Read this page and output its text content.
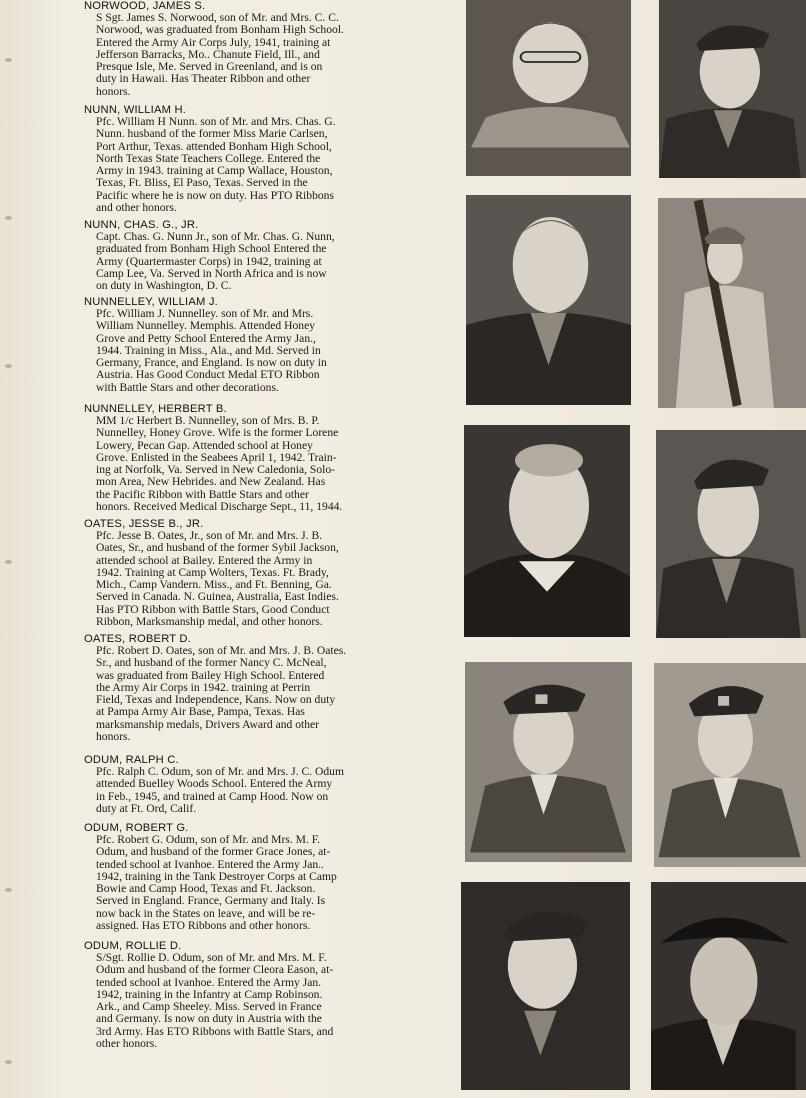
NORWOOD, JAMES S.
S Sgt. James S. Norwood, son of Mr. and Mrs. C. C.
Norwood, was graduated from Bonham High School.
Entered the Army Air Corps July, 1941, training at
Jefferson Barracks, Mo.. Chanute Field, Ill., and
Presque Isle, Me. Served in Greenland, and is on
duty in Hawaii. Has Theater Ribbon and other
honors.
NUNN, WILLIAM H.
Pfc. William H Nunn. son of Mr. and Mrs. Chas. G.
Nunn. husband of the former Miss Marie Carlsen,
Port Arthur, Texas. attended Bonham High School,
North Texas State Teachers College. Entered the
Army in 1943. training at Camp Wallace, Houston,
Texas, Ft. Bliss, El Paso, Texas. Served in the
Pacific where he is now on duty. Has PTO Ribbons
and other honors.
NUNN, CHAS. G., JR.
Capt. Chas. G. Nunn Jr., son of Mr. Chas. G. Nunn,
graduated from Bonham High School Entered the
Army (Quartermaster Corps) in 1942, training at
Camp Lee, Va. Served in North Africa and is now
on duty in Washington, D. C.
NUNNELLEY, WILLIAM J.
Pfc. William J. Nunnelley. son of Mr. and Mrs.
William Nunnelley. Memphis. Attended Honey
Grove and Petty School Entered the Army Jan.,
1944. Training in Miss., Ala., and Md. Served in
Germany, France, and England. Is now on duty in
Austria. Has Good Conduct Medal ETO Ribbon
with Battle Stars and other decorations.
NUNNELLEY, HERBERT B.
MM 1/c Herbert B. Nunnelley, son of Mrs. B. P.
Nunnelley, Honey Grove. Wife is the former Lorene
Lowery, Pecan Gap. Attended school at Honey
Grove. Enlisted in the Seabees April 1, 1942. Train-
ing at Norfolk, Va. Served in New Caledonia, Solo-
mon Area, New Hebrides. and New Zealand. Has
the Pacific Ribbon with Battle Stars and other
honors. Received Medical Discharge Sept., 11, 1944.
OATES, JESSE B., JR.
Pfc. Jesse B. Oates, Jr., son of Mr. and Mrs. J. B.
Oates, Sr., and husband of the former Sybil Jackson,
attended school at Bailey. Entered the Army in
1942. Training at Camp Wolters, Texas. Ft. Brady,
Mich., Camp Vandern. Miss., and Ft. Benning, Ga.
Served in Canada. N. Guinea, Australia, East Indies.
Has PTO Ribbon with Battle Stars, Good Conduct
Ribbon, Marksmanship medal, and other honors.
OATES, ROBERT D.
Pfc. Robert D. Oates, son of Mr. and Mrs. J. B. Oates.
Sr., and husband of the former Nancy C. McNeal,
was graduated from Bailey High School. Entered
the Army Air Corps in 1942. training at Perrin
Field, Texas and Independence, Kans. Now on duty
at Pampa Army Air Base, Pampa, Texas. Has
marksmanship medals, Drivers Award and other
honors.
ODUM, RALPH C.
Pfc. Ralph C. Odum, son of Mr. and Mrs. J. C. Odum
attended Buelley Woods School. Entered the Army
in Feb., 1945, and trained at Camp Hood. Now on
duty at Ft. Ord, Calif.
ODUM, ROBERT G.
Pfc. Robert G. Odum, son of Mr. and Mrs. M. F.
Odum, and husband of the former Grace Jones, at-
tended school at Ivanhoe. Entered the Army Jan..
1942, training in the Tank Destroyer Corps at Camp
Bowie and Camp Hood, Texas and Ft. Jackson.
Served in England. France, Germany and Italy. Is
now back in the States on leave, and will be re-
assigned. Has ETO Ribbons and other honors.
ODUM, ROLLIE D.
S/Sgt. Rollie D. Odum, son of Mr. and Mrs. M. F.
Odum and husband of the former Cleora Eason, at-
tended school at Ivanhoe. Entered the Army Jan.
1942, training in the Infantry at Camp Robinson.
Ark., and Camp Sheeley. Miss. Served in France
and Germany. Is now on duty in Austria with the
3rd Army. Has ETO Ribbons with Battle Stars, and
other honors.
